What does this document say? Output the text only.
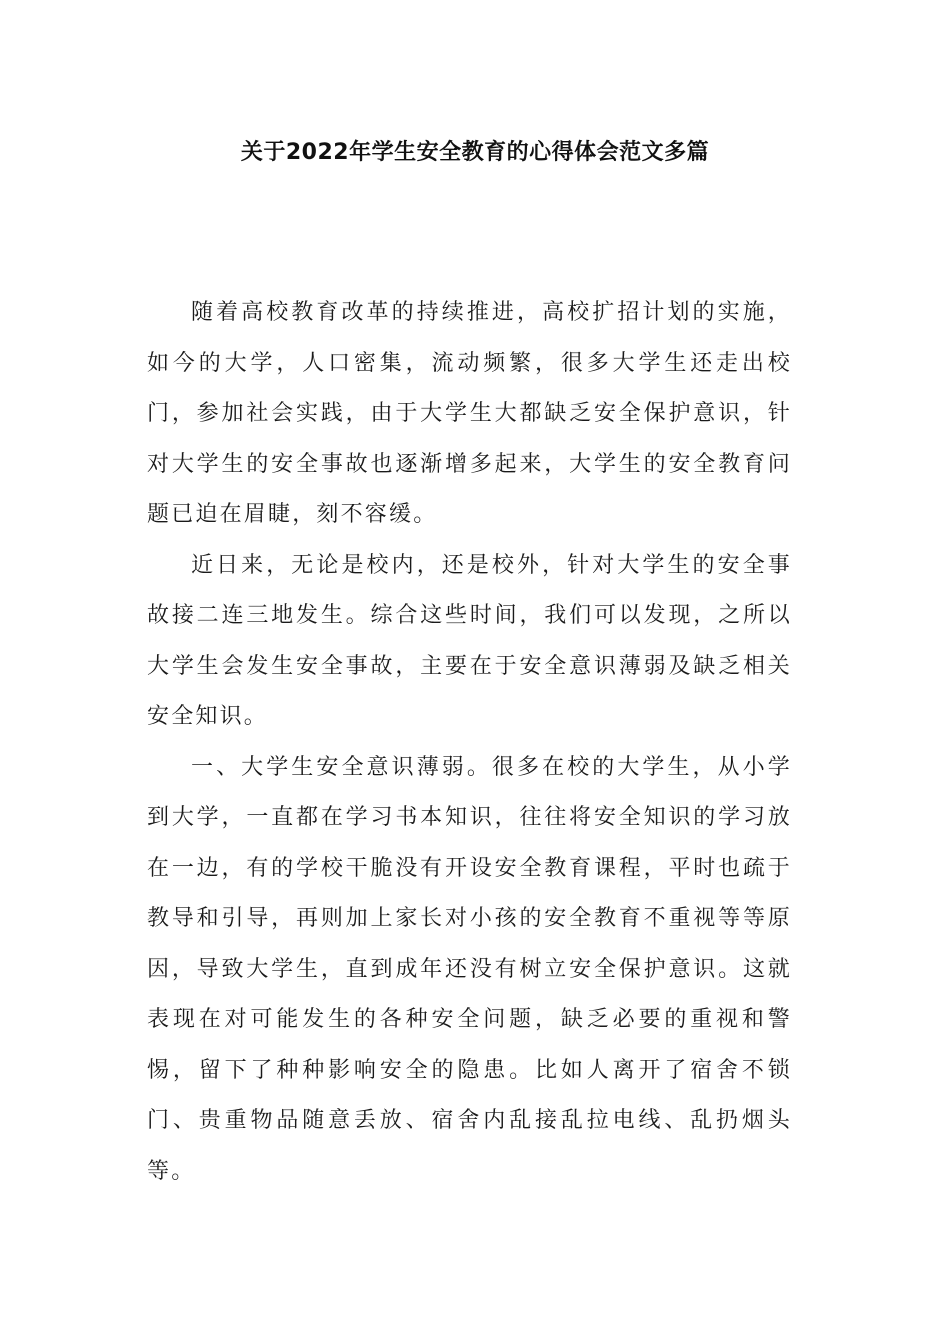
关于2022年学生安全教育的心得体会范文多篇

随着高校教育改革的持续推进，高校扩招计划的实施，如今的大学，人口密集，流动频繁，很多大学生还走出校门，参加社会实践，由于大学生大都缺乏安全保护意识，针对大学生的安全事故也逐渐增多起来，大学生的安全教育问题已迫在眉睫，刻不容缓。

近日来，无论是校内，还是校外，针对大学生的安全事故接二连三地发生。综合这些时间，我们可以发现，之所以大学生会发生安全事故，主要在于安全意识薄弱及缺乏相关安全知识。

一、大学生安全意识薄弱。很多在校的大学生，从小学到大学，一直都在学习书本知识，往往将安全知识的学习放在一边，有的学校干脆没有开设安全教育课程，平时也疏于教导和引导，再则加上家长对小孩的安全教育不重视等等原因，导致大学生，直到成年还没有树立安全保护意识。这就表现在对可能发生的各种安全问题，缺乏必要的重视和警惕，留下了种种影响安全的隐患。比如人离开了宿舍不锁门、贵重物品随意丢放、宿舍内乱接乱拉电线、乱扔烟头等。
